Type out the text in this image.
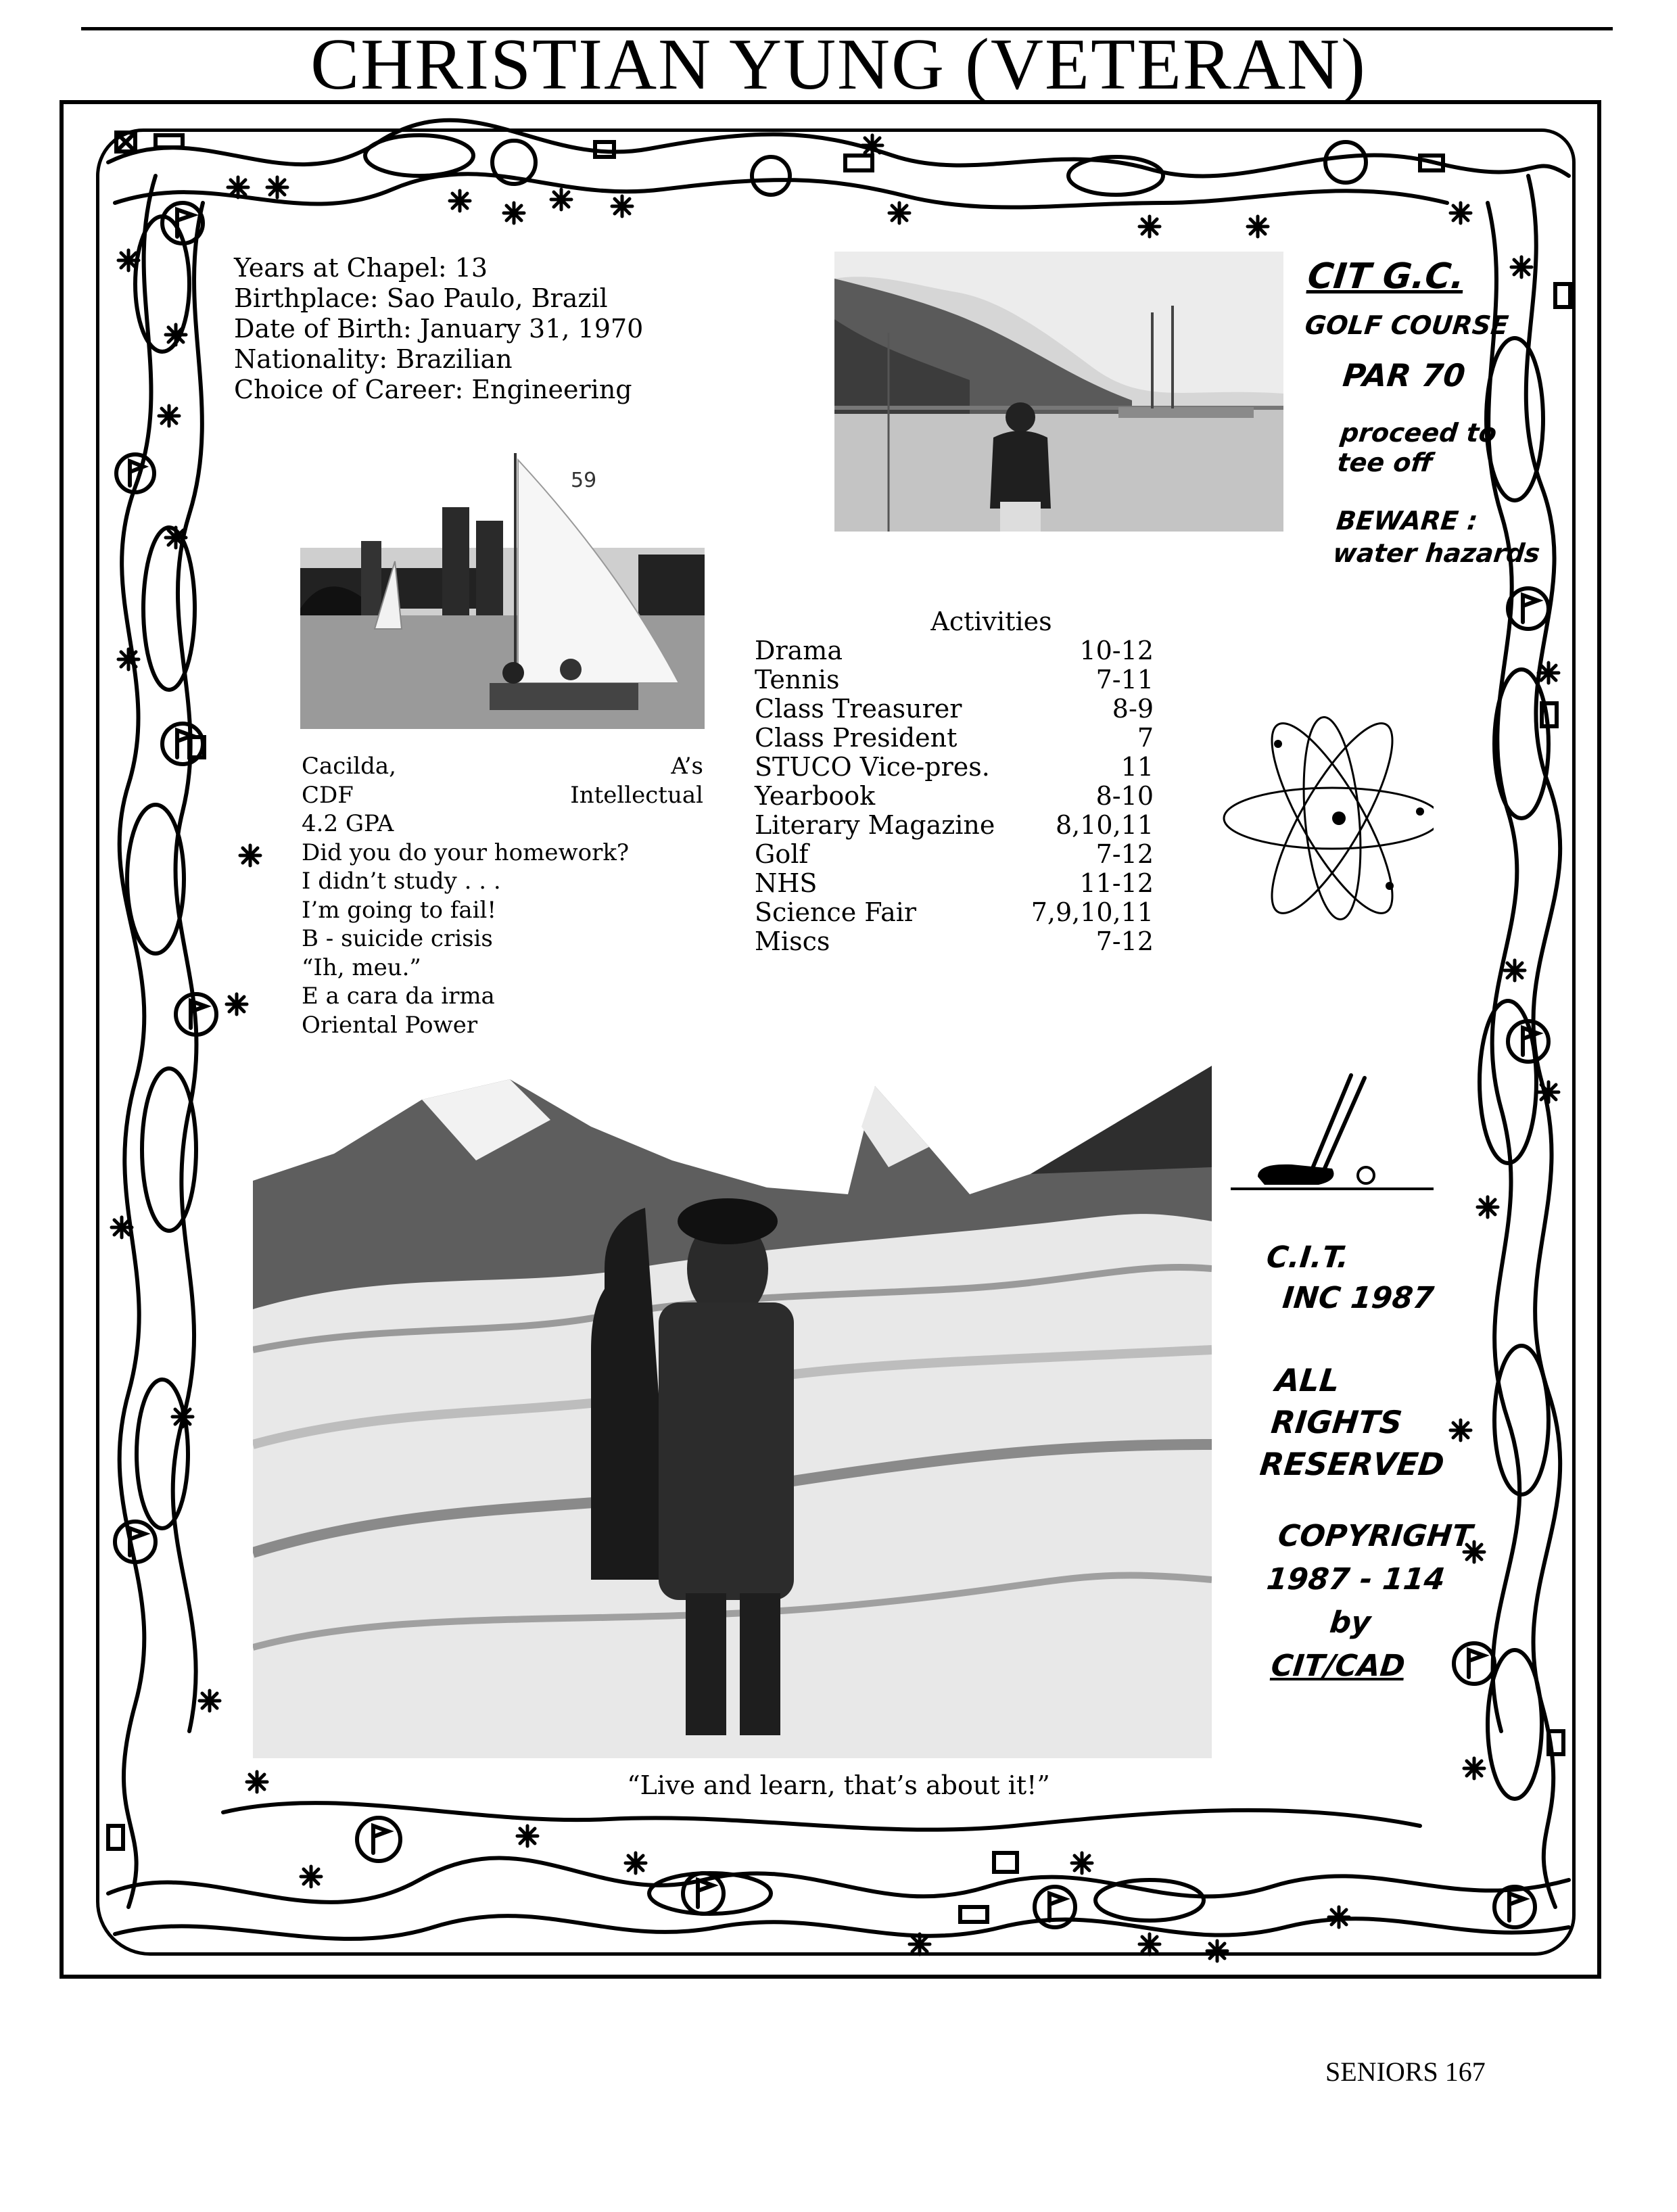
CHRISTIAN YUNG (VETERAN)
Years at Chapel: 13
Birthplace: Sao Paulo, Brazil
Date of Birth: January 31, 1970
Nationality: Brazilian
Choice of Career: Engineering
59
Cacilda,	A’s
CDF	Intellectual
4.2 GPA
Did you do your homework?
I didn’t study . . .
I’m going to fail!
B - suicide crisis
“Ih, meu.”
E a cara da irma
Oriental Power
Activities
Drama	10-12
Tennis	7-11
Class Treasurer	8-9
Class President	7
STUCO Vice-pres.	11
Yearbook	8-10
Literary Magazine 8,10,11
Golf	7-12
NHS	11-12
Science Fair	7,9,10,11
Miscs	7-12
“Live and learn, that’s about it!”
CIT G.C.
GOLF COURSE
PAR 70
proceed to
tee off
BEWARE :
water hazards
C.I.T.
INC 1987
ALL
RIGHTS
RESERVED
COPYRIGHT
1987 - 114
by
CIT/CAD
SENIORS 167
